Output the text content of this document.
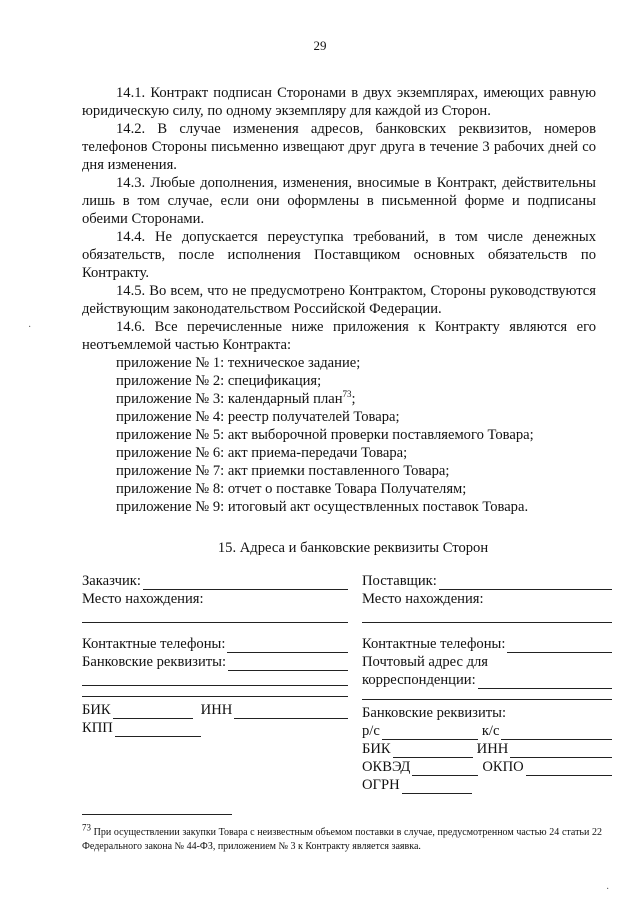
29

14.1. Контракт подписан Сторонами в двух экземплярах, имеющих равную юридическую силу, по одному экземпляру для каждой из Сторон.

14.2. В случае изменения адресов, банковских реквизитов, номеров телефонов Стороны письменно извещают друг друга в течение 3 рабочих дней со дня изменения.

14.3. Любые дополнения, изменения, вносимые в Контракт, действительны лишь в том случае, если они оформлены в письменной форме и подписаны обеими Сторонами.

14.4. Не допускается переуступка требований, в том числе денежных обязательств, после исполнения Поставщиком основных обязательств по Контракту.

14.5. Во всем, что не предусмотрено Контрактом, Стороны руководствуются действующим законодательством Российской Федерации.

14.6. Все перечисленные ниже приложения к Контракту являются его неотъемлемой частью Контракта:

приложение № 1: техническое задание;
приложение № 2: спецификация;
приложение № 3: календарный план$^{73}$;
приложение № 4: реестр получателей Товара;
приложение № 5: акт выборочной проверки поставляемого Товара;
приложение № 6: акт приема-передачи Товара;
приложение № 7: акт приемки поставленного Товара;
приложение № 8: отчет о поставке Товара Получателям;
приложение № 9: итоговый акт осуществленных поставок Товара.
15. Адреса и банковские реквизиты Сторон
Заказчик:
Место нахождения:
Контактные телефоны:
Банковские реквизиты:
БИК	ИНН
КПП
Поставщик:
Место нахождения:
Контактные телефоны:
Почтовый адрес для
корреспонденции:
Банковские реквизиты:
р/с	к/с
БИК	ИНН
ОКВЭД	ОКПО
ОГРН
$^{73}$ При осуществлении закупки Товара с неизвестным объемом поставки в случае, предусмотренном частью 24 статьи 22 Федерального закона № 44-ФЗ, приложением № 3 к Контракту является заявка.
·
·
